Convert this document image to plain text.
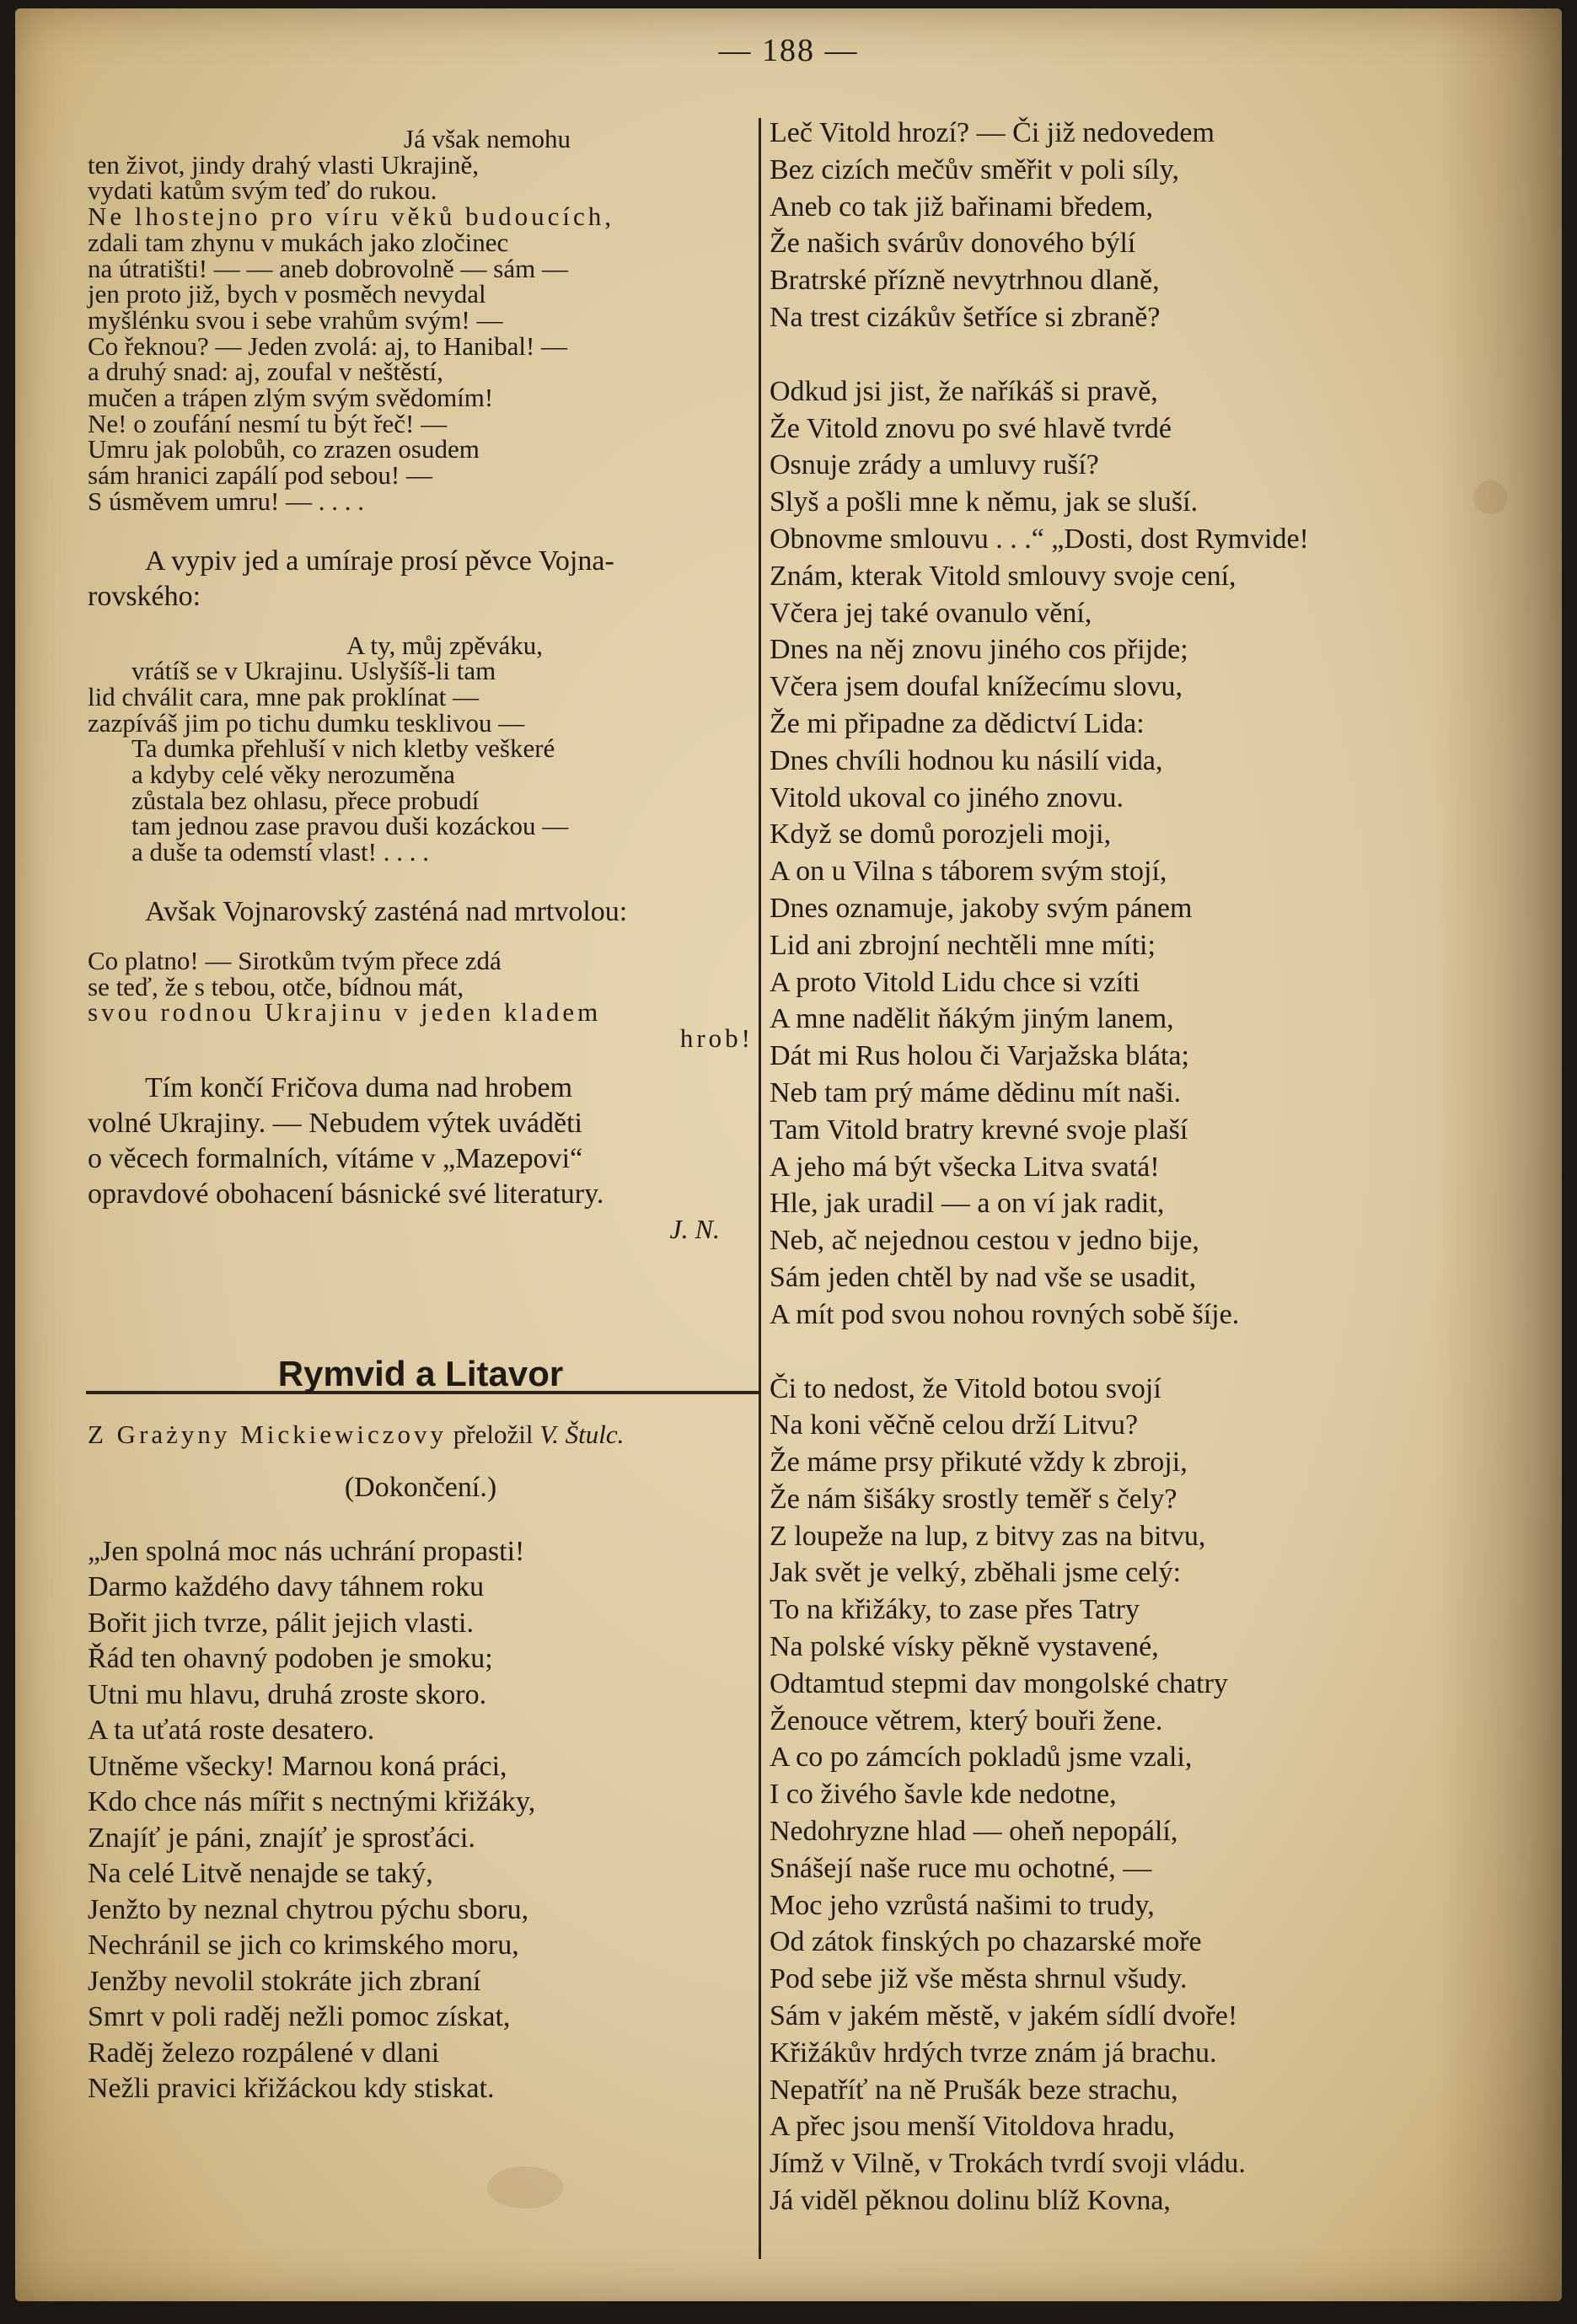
— 188 —

Já však nemohu

ten život, jindy drahý vlasti Ukrajině,

vydati katům svým teď do rukou.

Ne lhostejno pro víru věků budoucích,

zdali tam zhynu v mukách jako zločinec

na útratišti! — — aneb dobrovolně — sám —

jen proto již, bych v posměch nevydal

myšlénku svou i sebe vrahům svým! —

Co řeknou? — Jeden zvolá: aj, to Hanibal! —

a druhý snad: aj, zoufal v neštěstí,

mučen a trápen zlým svým svědomím!

Ne! o zoufání nesmí tu být řeč! —

Umru jak polobůh, co zrazen osudem

sám hranici zapálí pod sebou! —

S úsměvem umru! — . . . .

A vypiv jed a umíraje prosí pěvce Vojna-

rovského:

A ty, můj zpěváku,

vrátíš se v Ukrajinu. Uslyšíš-li tam

lid chválit cara, mne pak proklínat —

zazpíváš jim po tichu dumku tesklivou —

Ta dumka přehluší v nich kletby veškeré

a kdyby celé věky nerozuměna

zůstala bez ohlasu, přece probudí

tam jednou zase pravou duši kozáckou —

a duše ta odemstí vlast! . . . .

Avšak Vojnarovský zasténá nad mrtvolou:

Co platno! — Sirotkům tvým přece zdá

se teď, že s tebou, otče, bídnou mát,

svou rodnou Ukrajinu v jeden kladem

hrob!

Tím končí Fričova duma nad hrobem

volné Ukrajiny. — Nebudem výtek uváděti

o věcech formalních, vítáme v „Mazepovi“

opravdové obohacení básnické své literatury.

J. N.

Rymvid a Litavor

Z Grażyny Mickiewiczovy přeložil V. Štulc.

(Dokončení.)

„Jen spolná moc nás uchrání propasti!

Darmo každého davy táhnem roku

Bořit jich tvrze, pálit jejich vlasti.

Řád ten ohavný podoben je smoku;

Utni mu hlavu, druhá zroste skoro.

A ta uťatá roste desatero.

Utněme všecky! Marnou koná práci,

Kdo chce nás mířit s nectnými křižáky,

Znajíť je páni, znajíť je sprosťáci.

Na celé Litvě nenajde se taký,

Jenžto by neznal chytrou pýchu sboru,

Nechránil se jich co krimského moru,

Jenžby nevolil stokráte jich zbraní

Smrt v poli raděj nežli pomoc získat,

Raděj železo rozpálené v dlani

Nežli pravici křižáckou kdy stiskat.

Leč Vitold hrozí? — Či již nedovedem

Bez cizích mečův směřit v poli síly,

Aneb co tak již bařinami bředem,

Že našich svárův donového býlí

Bratrské přízně nevytrhnou dlaně,

Na trest cizákův šetříce si zbraně?

Odkud jsi jist, že naříkáš si pravě,

Že Vitold znovu po své hlavě tvrdé

Osnuje zrády a umluvy ruší?

Slyš a pošli mne k němu, jak se sluší.

Obnovme smlouvu . . .“ „Dosti, dost Rymvide!

Znám, kterak Vitold smlouvy svoje cení,

Včera jej také ovanulo vění,

Dnes na něj znovu jiného cos přijde;

Včera jsem doufal knížecímu slovu,

Že mi připadne za dědictví Lida:

Dnes chvíli hodnou ku násilí vida,

Vitold ukoval co jiného znovu.

Když se domů porozjeli moji,

A on u Vilna s táborem svým stojí,

Dnes oznamuje, jakoby svým pánem

Lid ani zbrojní nechtěli mne míti;

A proto Vitold Lidu chce si vzíti

A mne nadělit ňákým jiným lanem,

Dát mi Rus holou či Varjažska bláta;

Neb tam prý máme dědinu mít naši.

Tam Vitold bratry krevné svoje plaší

A jeho má být všecka Litva svatá!

Hle, jak uradil — a on ví jak radit,

Neb, ač nejednou cestou v jedno bije,

Sám jeden chtěl by nad vše se usadit,

A mít pod svou nohou rovných sobě šíje.

Či to nedost, že Vitold botou svojí

Na koni věčně celou drží Litvu?

Že máme prsy přikuté vždy k zbroji,

Že nám šišáky srostly teměř s čely?

Z loupeže na lup, z bitvy zas na bitvu,

Jak svět je velký, zběhali jsme celý:

To na křižáky, to zase přes Tatry

Na polské vísky pěkně vystavené,

Odtamtud stepmi dav mongolské chatry

Ženouce větrem, který bouři žene.

A co po zámcích pokladů jsme vzali,

I co živého šavle kde nedotne,

Nedohryzne hlad — oheň nepopálí,

Snášejí naše ruce mu ochotné, —

Moc jeho vzrůstá našimi to trudy,

Od zátok finských po chazarské moře

Pod sebe již vše města shrnul všudy.

Sám v jakém městě, v jakém sídlí dvoře!

Křižákův hrdých tvrze znám já brachu.

Nepatříť na ně Prušák beze strachu,

A přec jsou menší Vitoldova hradu,

Jímž v Vilně, v Trokách tvrdí svoji vládu.

Já viděl pěknou dolinu blíž Kovna,
